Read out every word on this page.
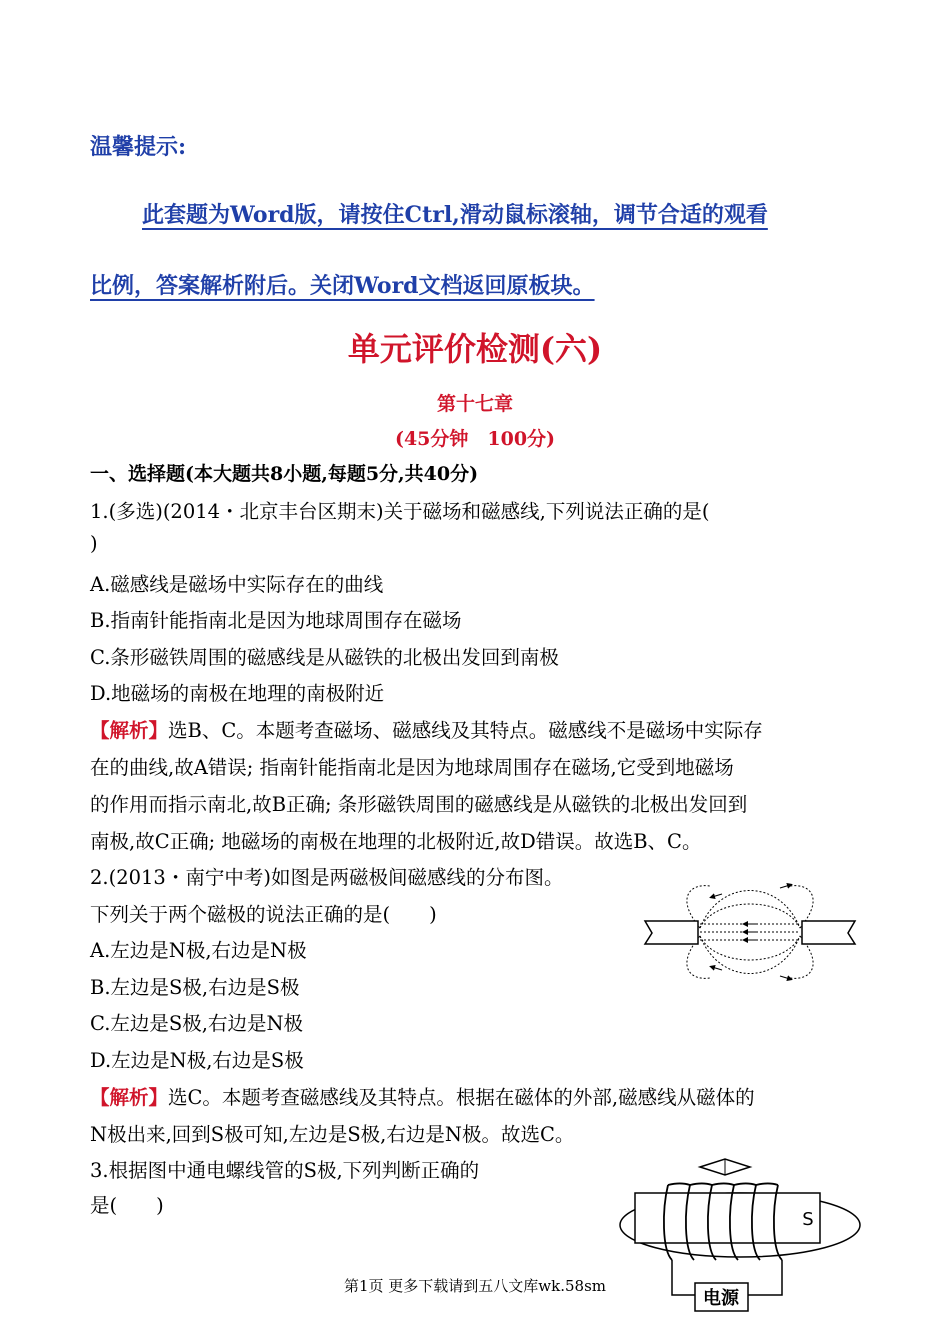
温馨提示:
此套题为Word版，请按住Ctrl,滑动鼠标滚轴，调节合适的观看
比例，答案解析附后。关闭Word文档返回原板块。
单元评价检测(六)
第十七章
(45分钟　100分)
一、选择题(本大题共8小题,每题5分,共40分)
1.(多选)(2014・北京丰台区期末)关于磁场和磁感线,下列说法正确的是(
)
A.磁感线是磁场中实际存在的曲线
B.指南针能指南北是因为地球周围存在磁场
C.条形磁铁周围的磁感线是从磁铁的北极出发回到南极
D.地磁场的南极在地理的南极附近
【解析】选B、C。本题考查磁场、磁感线及其特点。磁感线不是磁场中实际存
在的曲线,故A错误; 指南针能指南北是因为地球周围存在磁场,它受到地磁场
的作用而指示南北,故B正确; 条形磁铁周围的磁感线是从磁铁的北极出发回到
南极,故C正确; 地磁场的南极在地理的北极附近,故D错误。故选B、C。
2.(2013・南宁中考)如图是两磁极间磁感线的分布图。
下列关于两个磁极的说法正确的是(　　)
A.左边是N极,右边是N极
B.左边是S极,右边是S极
C.左边是S极,右边是N极
D.左边是N极,右边是S极
【解析】选C。本题考查磁感线及其特点。根据在磁体的外部,磁感线从磁体的
N极出来,回到S极可知,左边是S极,右边是N极。故选C。
3.根据图中通电螺线管的S极,下列判断正确的
是(　　)
电源
S
第1页 更多下载请到五八文库wk.58sm
